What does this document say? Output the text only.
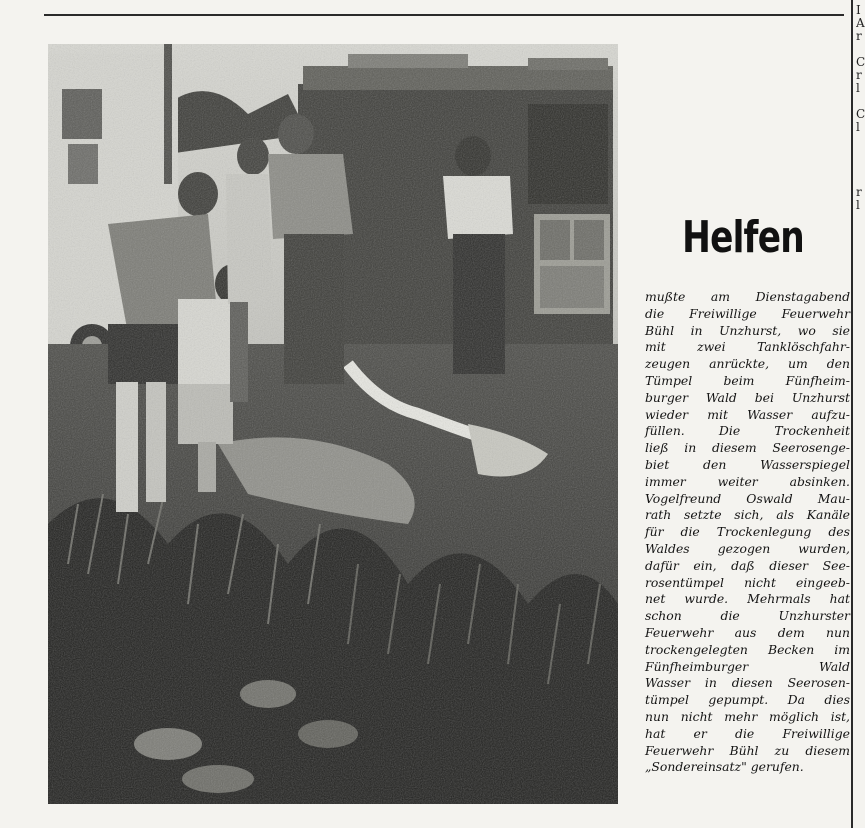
I
A
r

C
r
l

C
l

r
l
Helfen

mußte am Dienstagabend
die Freiwillige Feuerwehr
Bühl in Unzhurst, wo sie
mit zwei Tanklöschfahr-
zeugen anrückte, um den
Tümpel beim Fünfheim-
burger Wald bei Unzhurst
wieder mit Wasser aufzu-
füllen. Die Trockenheit
ließ in diesem Seerosenge-
biet den Wasserspiegel
immer weiter absinken.
Vogelfreund Oswald Mau-
rath setzte sich, als Kanäle
für die Trockenlegung des
Waldes gezogen wurden,
dafür ein, daß dieser See-
rosentümpel nicht eingeeb-
net wurde. Mehrmals hat
schon die Unzhurster
Feuerwehr aus dem nun
trockengelegten Becken im
Fünfheimburger Wald
Wasser in diesen Seerosen-
tümpel gepumpt. Da dies
nun nicht mehr möglich ist,
hat er die Freiwillige
Feuerwehr Bühl zu diesem
„Sondereinsatz" gerufen.
